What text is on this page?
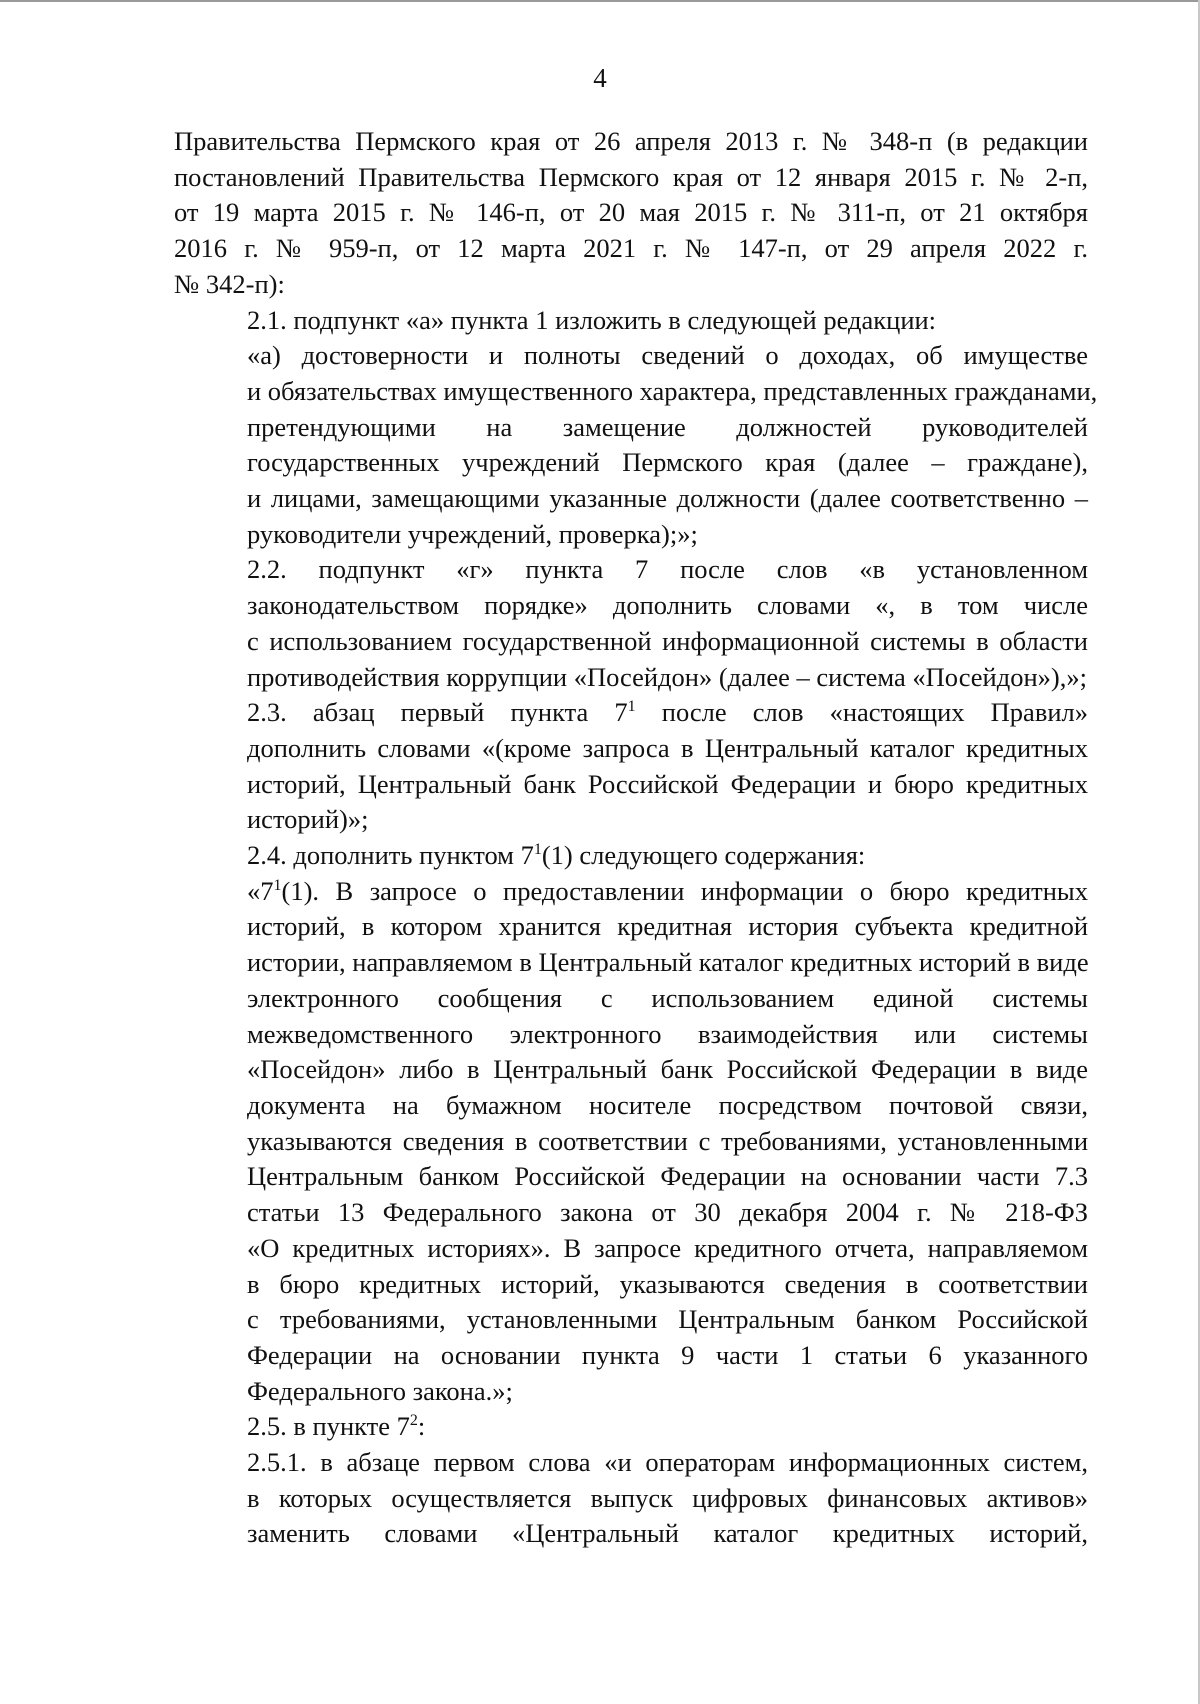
4

Правительства Пермского края от 26 апреля 2013 г. № 348-п (в редакции
постановлений Правительства Пермского края от 12 января 2015 г. № 2-п,
от 19 марта 2015 г. № 146-п, от 20 мая 2015 г. № 311-п, от 21 октября
2016 г. № 959-п, от 12 марта 2021 г. № 147-п, от 29 апреля 2022 г.
№ 342-п):

2.1. подпункт «а» пункта 1 изложить в следующей редакции:

«а) достоверности и полноты сведений о доходах, об имуществе
и обязательствах имущественного характера, представленных гражданами,
претендующими на замещение должностей руководителей
государственных учреждений Пермского края (далее – граждане),
и лицами, замещающими указанные должности (далее соответственно –
руководители учреждений, проверка);»;

2.2. подпункт «г» пункта 7 после слов «в установленном
законодательством порядке» дополнить словами «, в том числе
с использованием государственной информационной системы в области
противодействия коррупции «Посейдон» (далее – система «Посейдон»),»;

2.3. абзац первый пункта $7^1$ после слов «настоящих Правил»
дополнить словами «(кроме запроса в Центральный каталог кредитных
историй, Центральный банк Российской Федерации и бюро кредитных
историй)»;

2.4. дополнить пунктом $7^1(1)$ следующего содержания:

«$7^1(1)$. В запросе о предоставлении информации о бюро кредитных
историй, в котором хранится кредитная история субъекта кредитной
истории, направляемом в Центральный каталог кредитных историй в виде
электронного сообщения с использованием единой системы
межведомственного электронного взаимодействия или системы
«Посейдон» либо в Центральный банк Российской Федерации в виде
документа на бумажном носителе посредством почтовой связи,
указываются сведения в соответствии с требованиями, установленными
Центральным банком Российской Федерации на основании части 7.3
статьи 13 Федерального закона от 30 декабря 2004 г. № 218-ФЗ
«О кредитных историях». В запросе кредитного отчета, направляемом
в бюро кредитных историй, указываются сведения в соответствии
с требованиями, установленными Центральным банком Российской
Федерации на основании пункта 9 части 1 статьи 6 указанного
Федерального закона.»;

2.5. в пункте $7^2$:

2.5.1. в абзаце первом слова «и операторам информационных систем,
в которых осуществляется выпуск цифровых финансовых активов»
заменить словами «Центральный каталог кредитных историй,
